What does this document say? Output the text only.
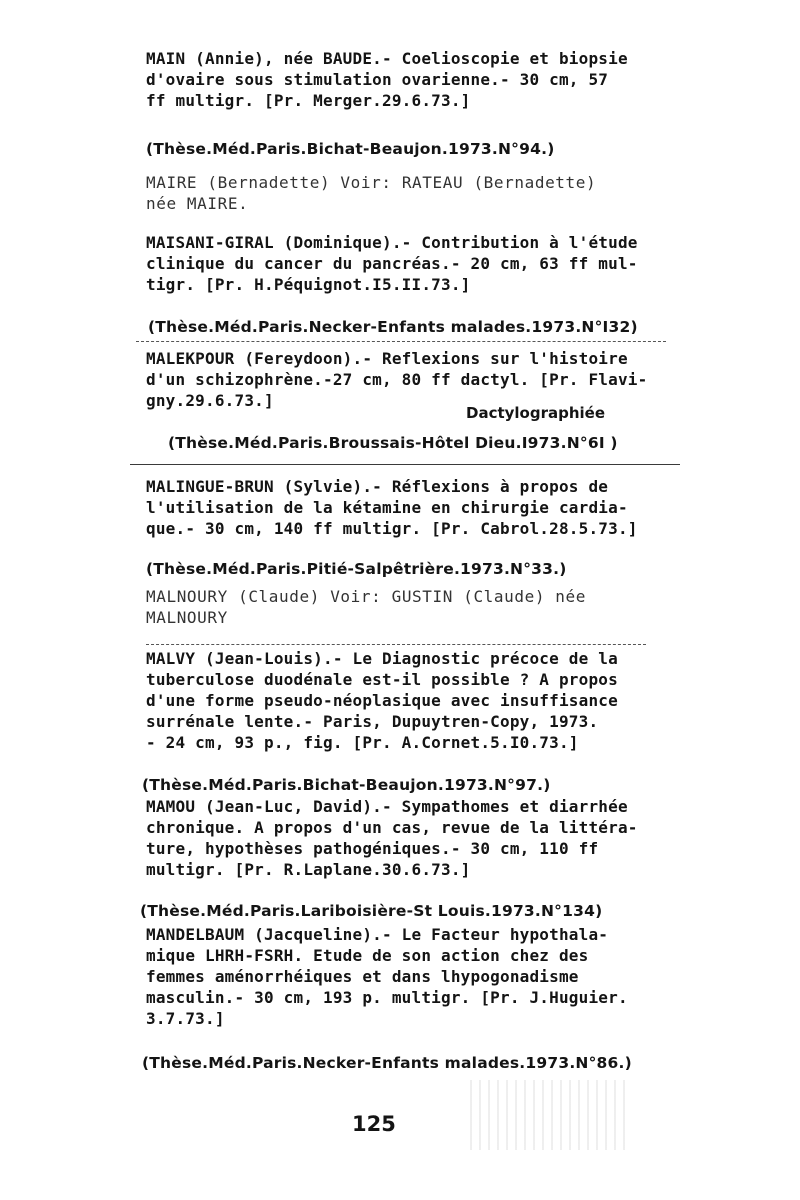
MAIN (Annie), née BAUDE.- Coelioscopie et biopsie
d'ovaire sous stimulation ovarienne.- 30 cm, 57
ff multigr. [Pr. Merger.29.6.73.]
(Thèse.Méd.Paris.Bichat-Beaujon.1973.N°94.)
MAIRE (Bernadette) Voir: RATEAU (Bernadette)
née MAIRE.
MAISANI-GIRAL (Dominique).- Contribution à l'étude
clinique du cancer du pancréas.- 20 cm, 63 ff mul-
tigr. [Pr. H.Péquignot.I5.II.73.]
(Thèse.Méd.Paris.Necker-Enfants malades.1973.N°I32)
MALEKPOUR (Fereydoon).- Reflexions sur l'histoire
d'un schizophrène.-27 cm, 80 ff dactyl. [Pr. Flavi-
gny.29.6.73.]
Dactylographiée
(Thèse.Méd.Paris.Broussais-Hôtel Dieu.I973.N°6I )
MALINGUE-BRUN (Sylvie).- Réflexions à propos de
l'utilisation de la kétamine en chirurgie cardia-
que.- 30 cm, 140 ff multigr. [Pr. Cabrol.28.5.73.]
(Thèse.Méd.Paris.Pitié-Salpêtrière.1973.N°33.)
MALNOURY (Claude) Voir: GUSTIN (Claude) née
MALNOURY
MALVY (Jean-Louis).- Le Diagnostic précoce de la
tuberculose duodénale est-il possible ? A propos
d'une forme pseudo-néoplasique avec insuffisance
surrénale lente.- Paris, Dupuytren-Copy, 1973.
- 24 cm, 93 p., fig. [Pr. A.Cornet.5.I0.73.]
(Thèse.Méd.Paris.Bichat-Beaujon.1973.N°97.)
MAMOU (Jean-Luc, David).- Sympathomes et diarrhée
chronique. A propos d'un cas, revue de la littéra-
ture, hypothèses pathogéniques.- 30 cm, 110 ff
multigr. [Pr. R.Laplane.30.6.73.]
(Thèse.Méd.Paris.Lariboisière-St Louis.1973.N°134)
MANDELBAUM (Jacqueline).- Le Facteur hypothala-
mique LHRH-FSRH. Etude de son action chez des
femmes aménorrhéiques et dans lhypogonadisme
masculin.- 30 cm, 193 p. multigr. [Pr. J.Huguier.
3.7.73.]
(Thèse.Méd.Paris.Necker-Enfants malades.1973.N°86.)
125
